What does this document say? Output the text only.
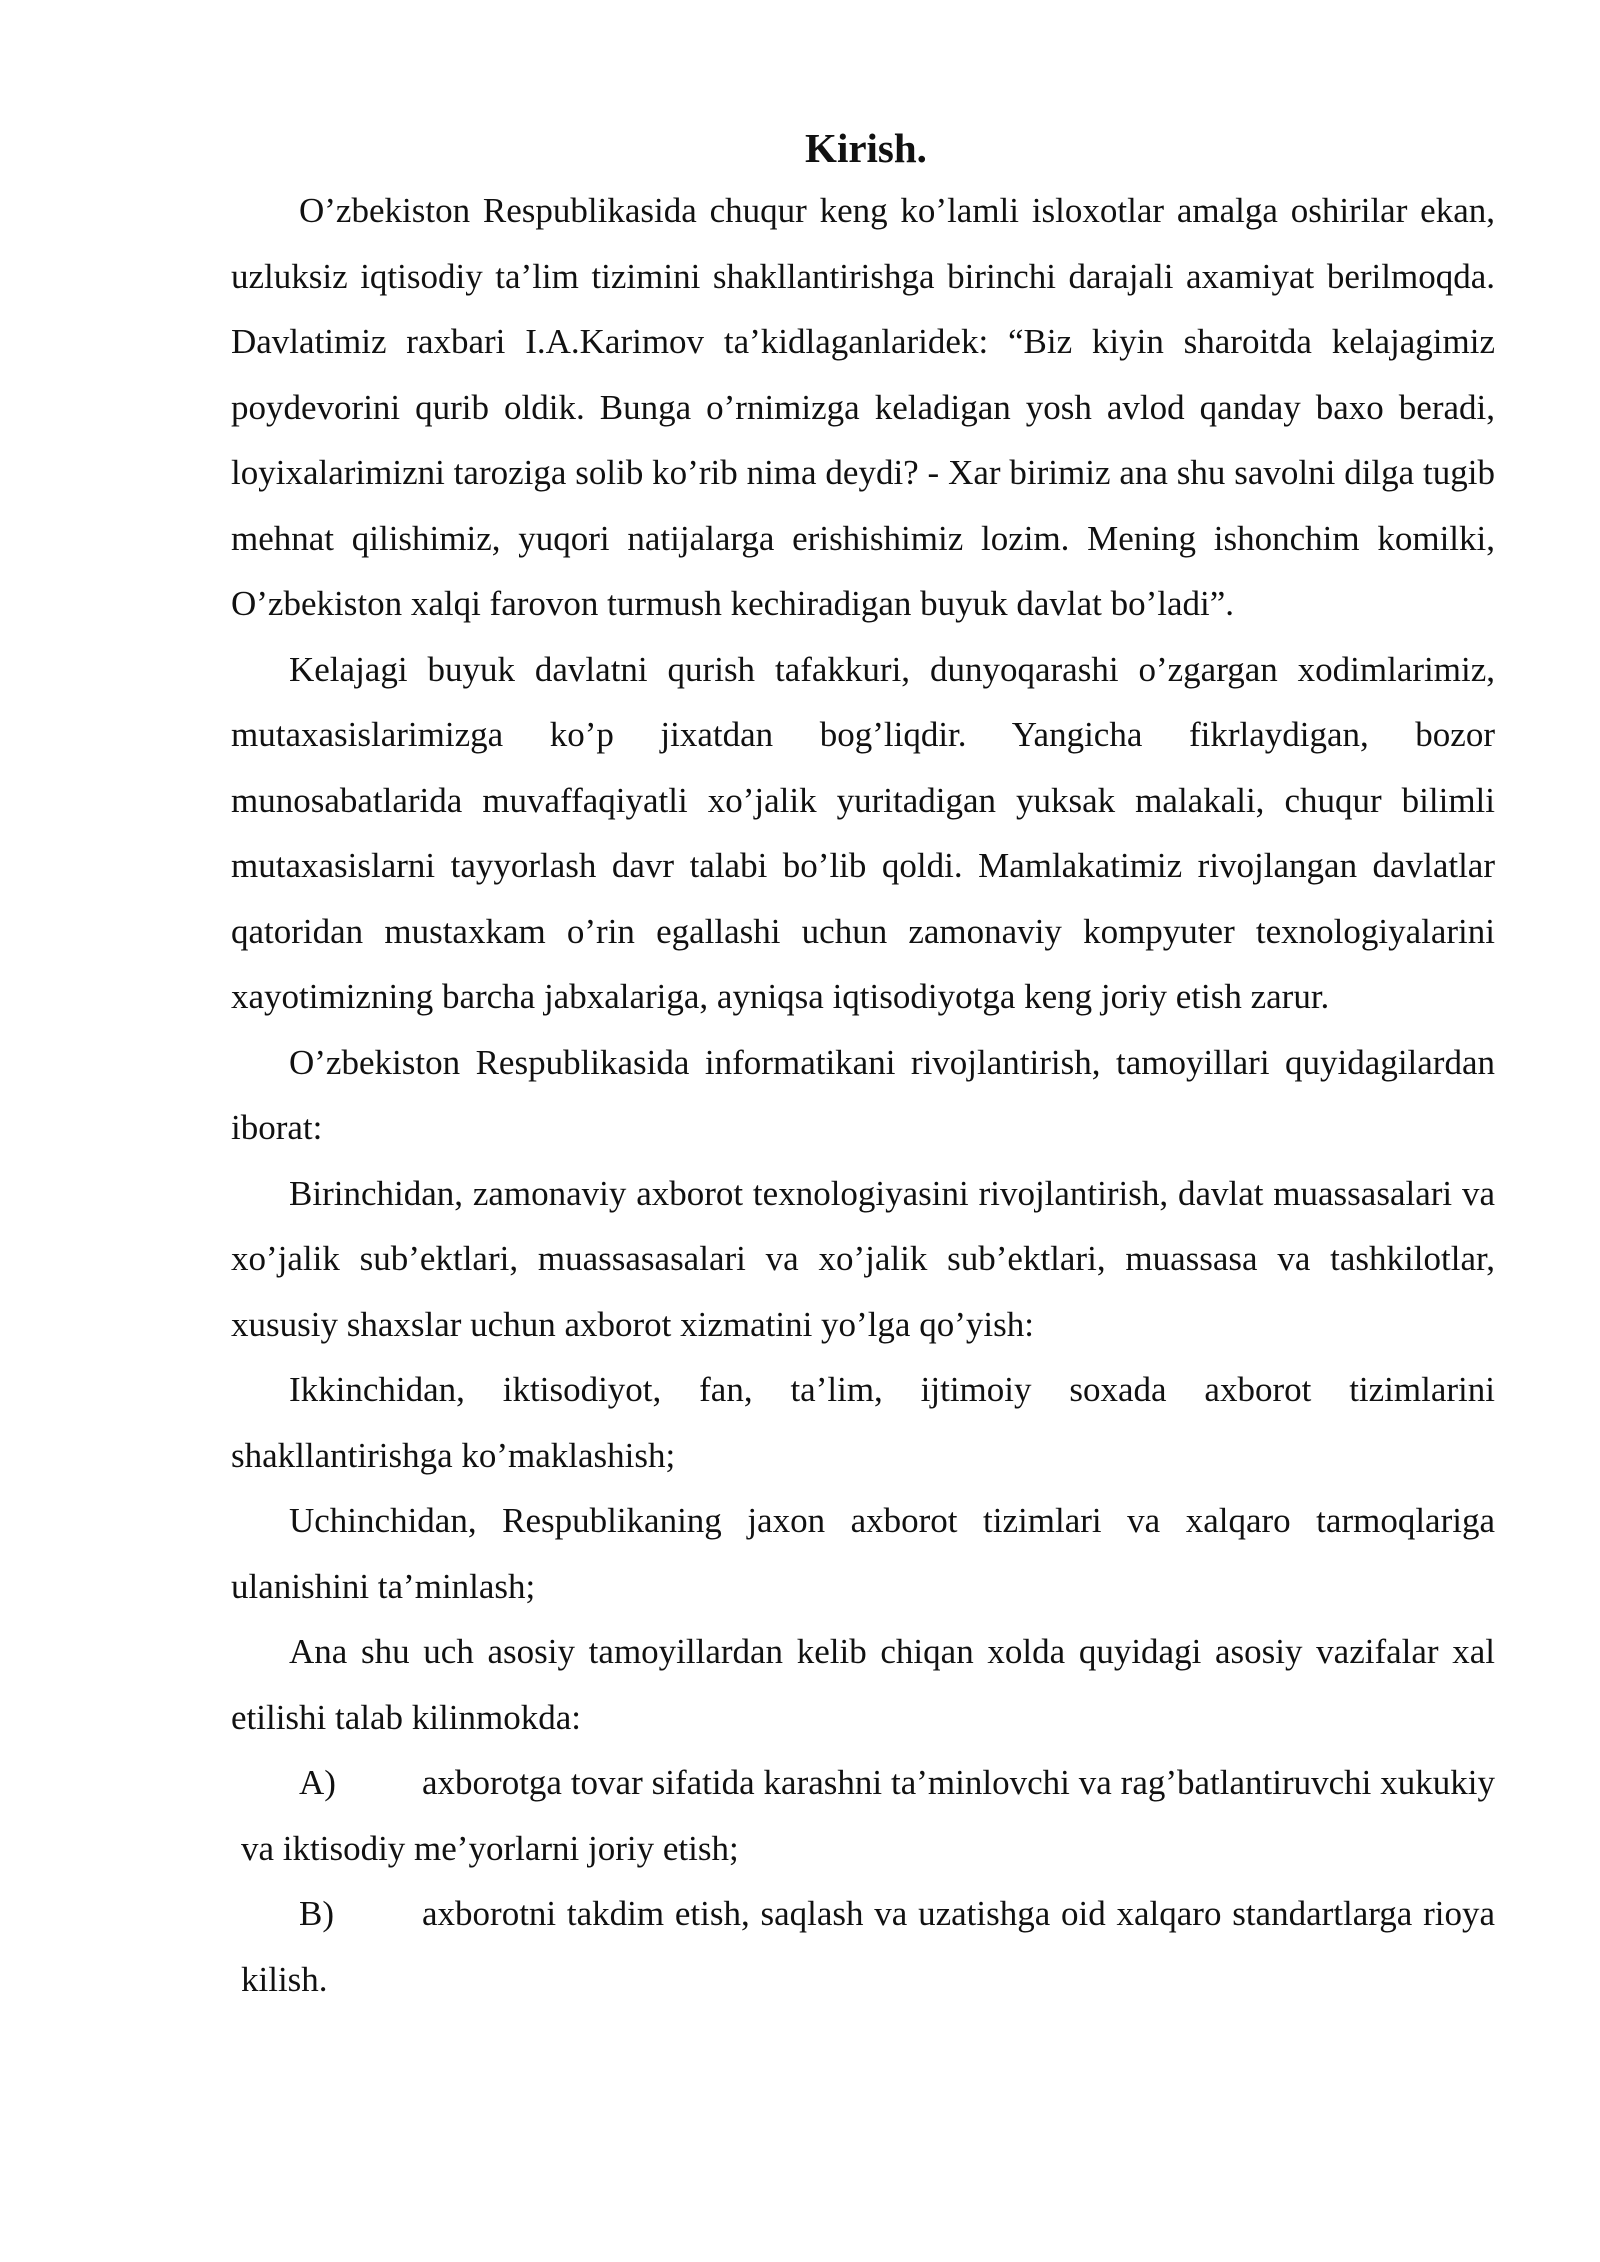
Kirish.

O’zbekiston Respublikasida chuqur keng ko’lamli isloxotlar amalga oshirilar ekan, uzluksiz iqtisodiy ta’lim tizimini shakllantirishga birinchi darajali axamiyat berilmoqda. Davlatimiz raxbari I.A.Karimov ta’kidlaganlaridek: “Biz kiyin sharoitda kelajagimiz poydevorini qurib oldik. Bunga o’rnimizga keladigan yosh avlod qanday baxo beradi, loyixalarimizni taroziga solib ko’rib nima deydi? - Xar birimiz ana shu savolni dilga tugib mehnat qilishimiz, yuqori natijalarga erishishimiz lozim. Mening ishonchim komilki, O’zbekiston xalqi farovon turmush kechiradigan buyuk davlat bo’ladi”.

Kelajagi buyuk davlatni qurish tafakkuri, dunyoqarashi o’zgargan xodimlarimiz, mutaxasislarimizga ko’p jixatdan bog’liqdir. Yangicha fikrlaydigan, bozor munosabatlarida muvaffaqiyatli xo’jalik yuritadigan yuksak malakali, chuqur bilimli mutaxasislarni tayyorlash davr talabi bo’lib qoldi. Mamlakatimiz rivojlangan davlatlar qatoridan mustaxkam o’rin egallashi uchun zamonaviy kompyuter texnologiyalarini xayotimizning barcha jabxalariga, ayniqsa iqtisodiyotga keng joriy etish zarur.

O’zbekiston Respublikasida informatikani rivojlantirish, tamoyillari quyidagilardan iborat:

Birinchidan, zamonaviy axborot texnologiyasini rivojlantirish, davlat muassasalari va xo’jalik sub’ektlari, muassasasalari va xo’jalik sub’ektlari, muassasa va tashkilotlar, xususiy shaxslar uchun axborot xizmatini yo’lga qo’yish:

Ikkinchidan, iktisodiyot, fan, ta’lim, ijtimoiy soxada axborot tizimlarini shakllantirishga ko’maklashish;

Uchinchidan, Respublikaning jaxon axborot tizimlari va xalqaro tarmoqlariga ulanishini ta’minlash;

Ana shu uch asosiy tamoyillardan kelib chiqan xolda quyidagi asosiy vazifalar xal etilishi talab kilinmokda:

A) axborotga tovar sifatida karashni ta’minlovchi va rag’batlantiruvchi xukukiy va iktisodiy me’yorlarni joriy etish;

B)	axborotni takdim etish, saqlash va uzatishga oid xalqaro standartlarga rioya kilish.
